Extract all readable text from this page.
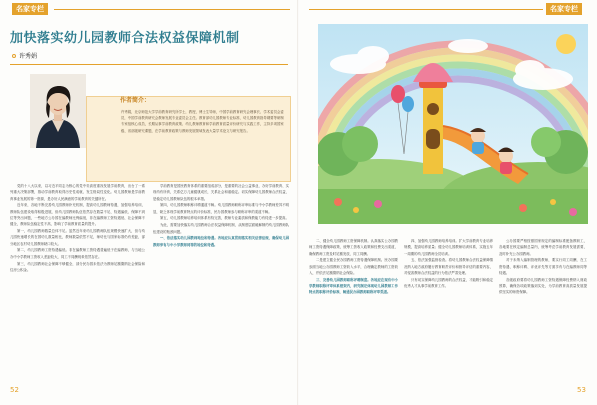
名家专栏
加快落实幼儿园教师合法权益保障机制
许秀娟
许秀娟，北京师范大学学前教育研究所学士，教授，博士生导师，中国学前教育研究会理事长、学术委员会委员，中国学前教育研究会教师发展专业委员会主任。教育部幼儿园教师专业标准、幼儿园教育指导纲要等研制专家组核心成员，长期从事学前教育政策、幼儿教师教育和学前教育质量评价研究与实践工作，主持多项国家级、省部级研究课题，在学前教育政策与教师发展领域发表大量学术论文与研究报告。
作者简介：

党的十八大以来，以习近平同志为核心的党中央高度重视发展学前教育，出台了一系列重大决策部署，推动学前教育取得历史性成就、发生格局性变化。幼儿园教师是学前教育事业发展的第一资源，是办好人民满意的学前教育的关键所在。

近年来，各地不断完善幼儿园教师补充机制，提高幼儿园教师待遇，加强培养培训，教师队伍建设取得积极进展，但幼儿园教师队伍依然存在数量不足、待遇偏低、保障不到位等突出问题，一些地方公办园在编教师比例偏低，非在编教师工资待遇低、社会保障不健全，教师队伍稳定性不高，影响了学前教育质量的提升。

第一，幼儿园教师数量总体不足。虽然近年来幼儿园教师队伍规模快速扩大，但与幼儿园快速增长的在园幼儿数量相比，教师数量依然不足，师幼比与国家标准仍有差距，部分地区农村幼儿园教师缺口较大。

第二，幼儿园教师工资待遇偏低。非在编教师工资待遇普遍低于在编教师，与当地公办中小学教师工资收入差距较大，同工不同酬现象依然存在。

第三，幼儿园教师社会保障不够健全，部分民办园未依法为教师足额缴纳社会保险和住房公积金。

学前教育是国民教育体系的重要组成部分，是重要的社会公益事业，办好学前教育、实现幼有所育，关系亿万儿童健康成长，关系社会和谐稳定。切实保障幼儿园教师合法权益，是稳定幼儿园教师队伍的根本举措。

第四，幼儿园教师职称评聘通道不畅。幼儿园教师职称评审标准与中小学教师差异不明显，缺乏体现学前教育特点的评价标准，民办园教师参与职称评审的渠道不畅。

第五，幼儿园教师培养培训体系有待完善，教师专业素质和保教能力有待进一步提高。

为此，需要加快落实幼儿园教师合法权益保障机制，从制度层面破解制约幼儿园教师队伍建设的瓶颈问题。

一、依法落实幼儿园教师地位和待遇。各地应认真贯彻落实相关法律法规，确保幼儿园教师享有与中小学教师同等的地位和待遇。

52
名家专栏
53

二、健全幼儿园教师工资保障机制。认真落实公办园教师工资待遇保障政策，统筹工资收入政策和经费支出渠道，确保教师工资及时足额发放、同工同酬。

二是建立健全民办园教师工资待遇保障机制。民办园要参照当地公办园教师工资收入水平，合理确定教师的工资收入，并依法足额缴纳社会保险。

三、完善幼儿园教师职称评聘制度。各地应在现有中小学教师职称评审体系框架内，研究制定体现幼儿园教师工作特点的职称评价标准，畅通民办园教师职称评审渠道。

四、加强幼儿园教师培养培训。扩大学前教育专业培养规模，提高培养质量；健全幼儿园教师培训体系，实施五年一周期的幼儿园教师全员培训。

五、依法加强监督检查。将幼儿园教师合法权益保障情况纳入地方政府履行教育职责评价和督导评估的重要内容，对侵害教师合法权益的行为依法严肃处理。

只有切实保障幼儿园教师的合法权益，才能吸引和稳定优秀人才从事学前教育工作。

公办园要严格按照国家规定的编制标准配备教职工，各地要在核定编制总量内，统筹考虑学前教育发展需要，及时补充公办园教师。

对于未纳入编制管理的教师，要实行同工同酬，在工资待遇、职称评聘、评优评先等方面享有与在编教师同等待遇。

各级政府要将幼儿园教师工资待遇保障经费纳入财政预算，确保各项政策落到实处，为学前教育高质量发展提供坚实的师资保障。
